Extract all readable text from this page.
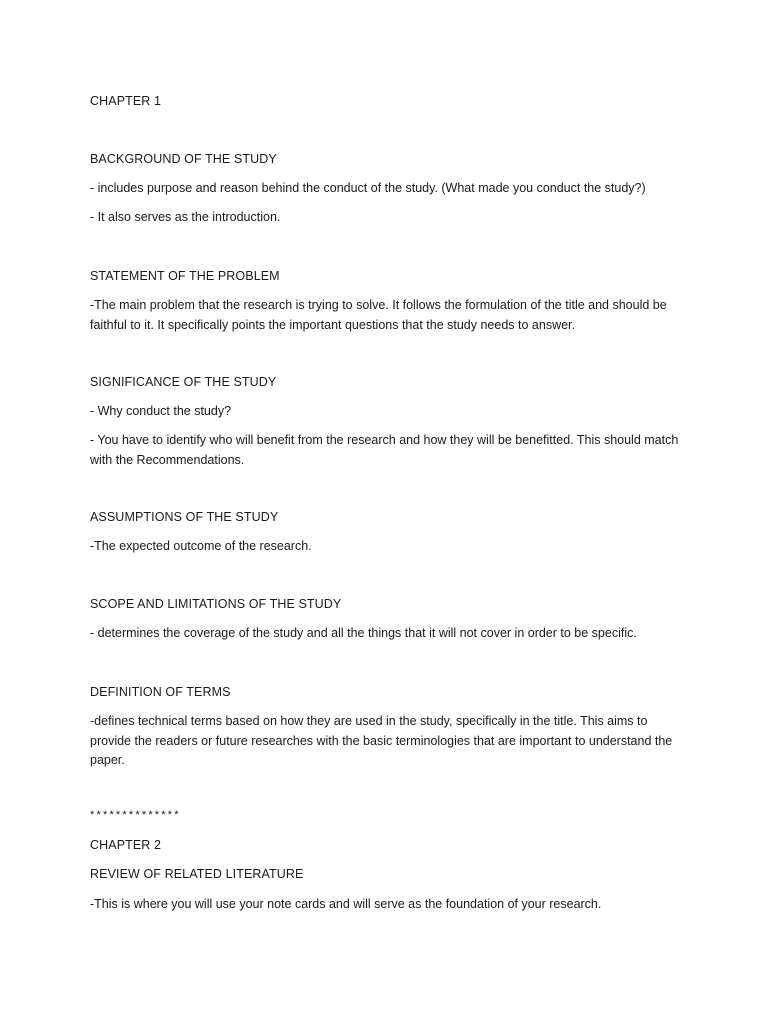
CHAPTER 1

BACKGROUND OF THE STUDY

- includes purpose and reason behind the conduct of the study. (What made you conduct the study?)

- It also serves as the introduction.

STATEMENT OF THE PROBLEM

-The main problem that the research is trying to solve. It follows the formulation of the title and should be faithful to it. It specifically points the important questions that the study needs to answer.

SIGNIFICANCE OF THE STUDY

- Why conduct the study?

- You have to identify who will benefit from the research and how they will be benefitted. This should match with the Recommendations.

ASSUMPTIONS OF THE STUDY

-The expected outcome of the research.

SCOPE AND LIMITATIONS OF THE STUDY

- determines the coverage of the study and all the things that it will not cover in order to be specific.

DEFINITION OF TERMS

-defines technical terms based on how they are used in the study, specifically in the title. This aims to provide the readers or future researches with the basic terminologies that are important to understand the paper.

**************

CHAPTER 2

REVIEW OF RELATED LITERATURE

-This is where you will use your note cards and will serve as the foundation of your research.
